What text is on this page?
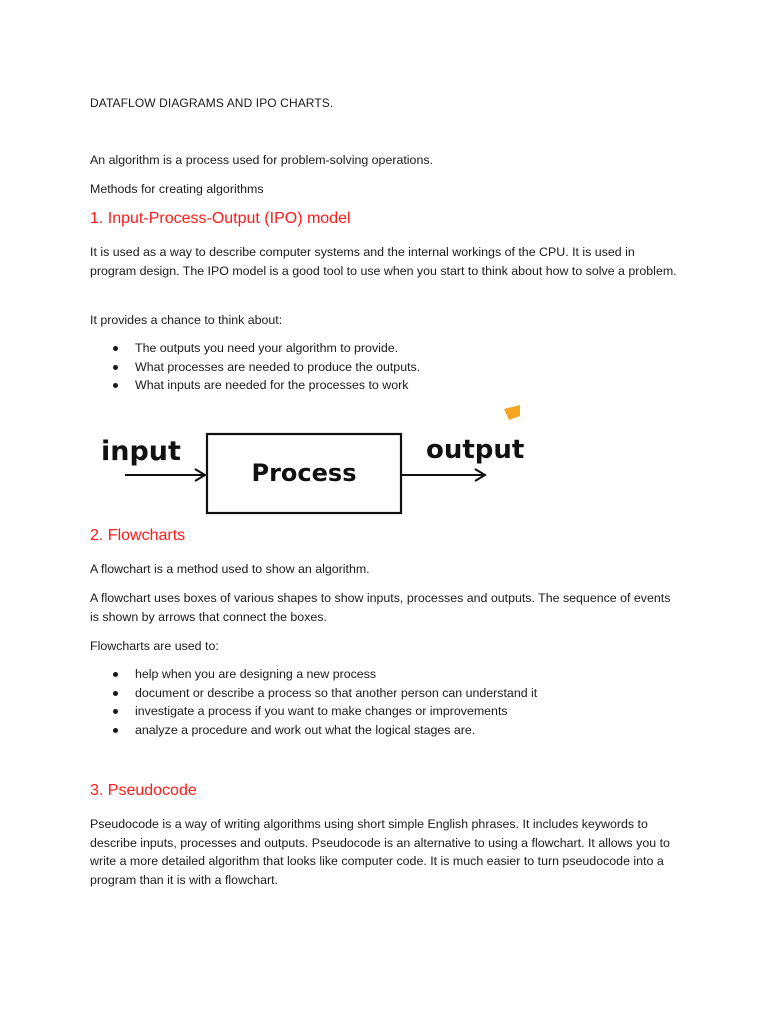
DATAFLOW DIAGRAMS AND IPO CHARTS.
An algorithm is a process used for problem-solving operations.
Methods for creating algorithms
1. Input-Process-Output (IPO) model
It is used as a way to describe computer systems and the internal workings of the CPU. It is used in program design. The IPO model is a good tool to use when you start to think about how to solve a problem.
It provides a chance to think about:
The outputs you need your algorithm to provide.
What processes are needed to produce the outputs.
What inputs are needed for the processes to work
2. Flowcharts
A flowchart is a method used to show an algorithm.
A flowchart uses boxes of various shapes to show inputs, processes and outputs. The sequence of events is shown by arrows that connect the boxes.
Flowcharts are used to:
help when you are designing a new process
document or describe a process so that another person can understand it
investigate a process if you want to make changes or improvements
analyze a procedure and work out what the logical stages are.
3. Pseudocode
Pseudocode is a way of writing algorithms using short simple English phrases. It includes keywords to describe inputs, processes and outputs. Pseudocode is an alternative to using a flowchart. It allows you to write a more detailed algorithm that looks like computer code. It is much easier to turn pseudocode into a program than it is with a flowchart.
input
Process
output
